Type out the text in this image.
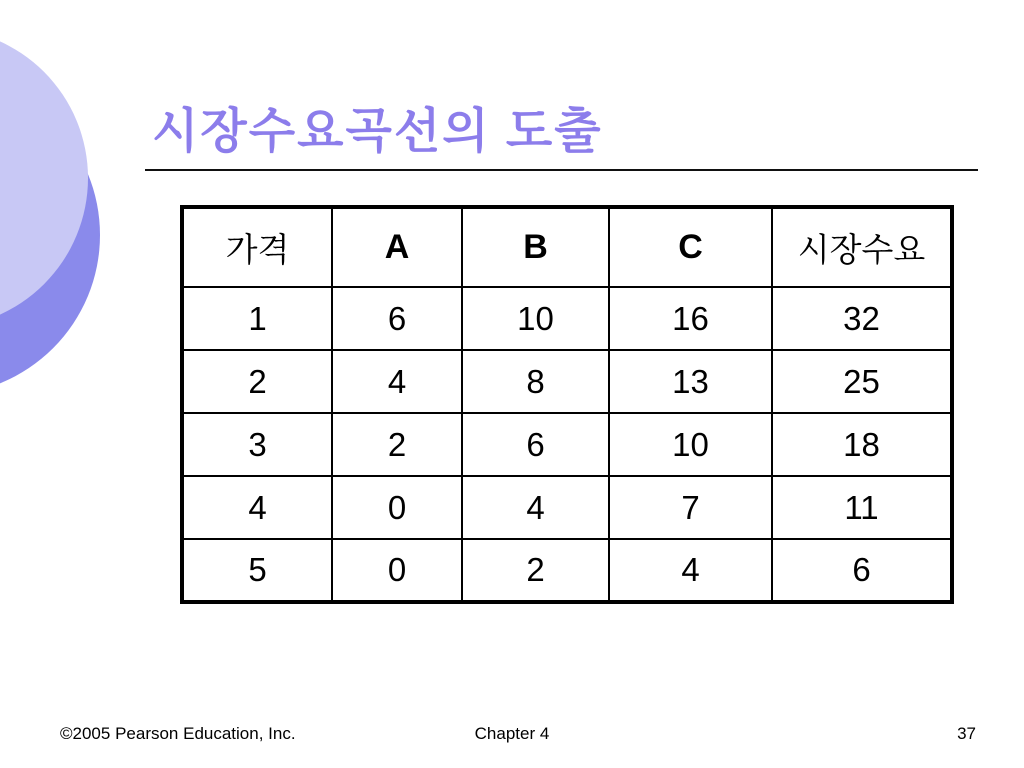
시장수요곡선의 도출
가격	A	B	C	시장수요
1	6	10	16	32
2	4	8	13	25
3	2	6	10	18
4	0	4	7	11
5	0	2	4	6
©2005 Pearson Education, Inc.	Chapter 4	37
